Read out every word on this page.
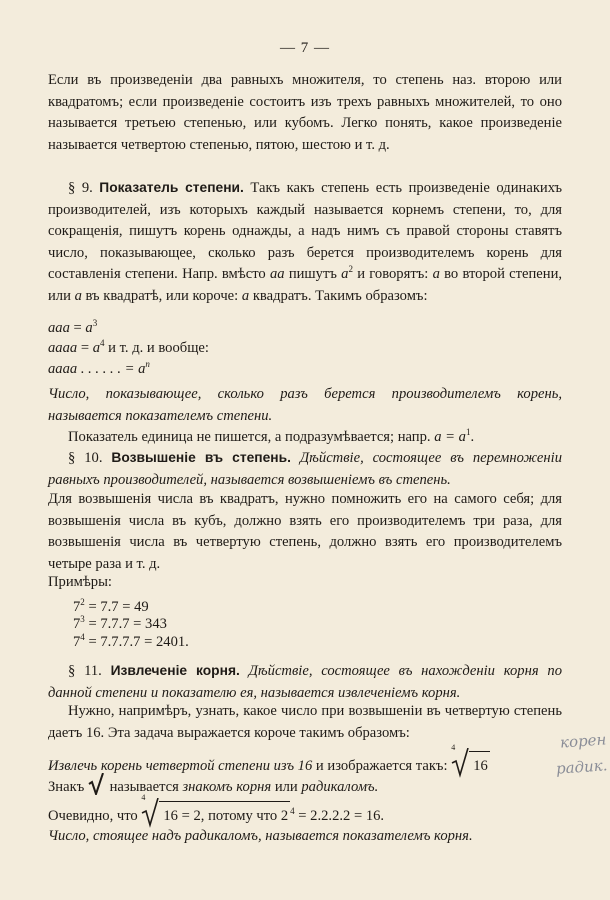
— 7 —
Если въ произведенiи два равныхъ множителя, то степень наз. второю или квадратомъ; если произведенiе состоитъ изъ трехъ равныхъ множителей, то оно называется третьею степенью, или кубомъ. Легко понять, какое произведенiе называется четвертою степенью, пятою, шестою и т. д.
§ 9. Показатель степени. Такъ какъ степень есть произведенiе одинакихъ производителей, изъ которыхъ каждый называется корнемъ степени, то, для сокращенiя, пишутъ корень однажды, а надъ нимъ съ правой стороны ставятъ число, показывающее, сколько разъ берется производителемъ корень для составленiя степени. Напр. вмѣсто aa пишутъ $a^2$ и говорятъ: a во второй степени, или a въ квадратѣ, или короче: a квадратъ. Такимъ образомъ:
aaa = $a^3$
aaaa = $a^4$ и т. д. и вообще:
aaaa . . . . . . = $a^n$
Число, показывающее, сколько разъ берется производителемъ корень, называется показателемъ степени.
Показатель единица не пишется, а подразумѣвается; напр. $a = a^1$.
§ 10. Возвышенiе въ степень. Дѣйствiе, состоящее въ перемноженiи равныхъ производителей, называется возвышенiемъ въ степень.
Для возвышенiя числа въ квадратъ, нужно помножить его на самого себя; для возвышенiя числа въ кубъ, должно взять его производителемъ три раза, для возвышенiя числа въ четвертую степень, должно взять его производителемъ четыре раза и т. д.
Примѣры:
$7^2 = 7.7 = 49$
$7^3 = 7.7.7 = 343$
$7^4 = 7.7.7.7 = 2401$.
§ 11. Извлеченiе корня. Дѣйствiе, состоящее въ нахожденiи корня по данной степени и показателю ея, называется извлеченiемъ корня.
Нужно, напримѣръ, узнать, какое число при возвышенiи въ четвертую степень даетъ 16. Эта задача выражается короче такимъ образомъ:
Извлечь корень четвертой степени изъ 16 и изображается такъ:
4
16
Знакъ называется знакомъ корня или радикаломъ.
Очевидно, что
4
16 = 2, потому что 2 $^4$ = 2.2.2.2 = 16.
Число, стоящее надъ радикаломъ, называется показателемъ корня.
корен
радик.
